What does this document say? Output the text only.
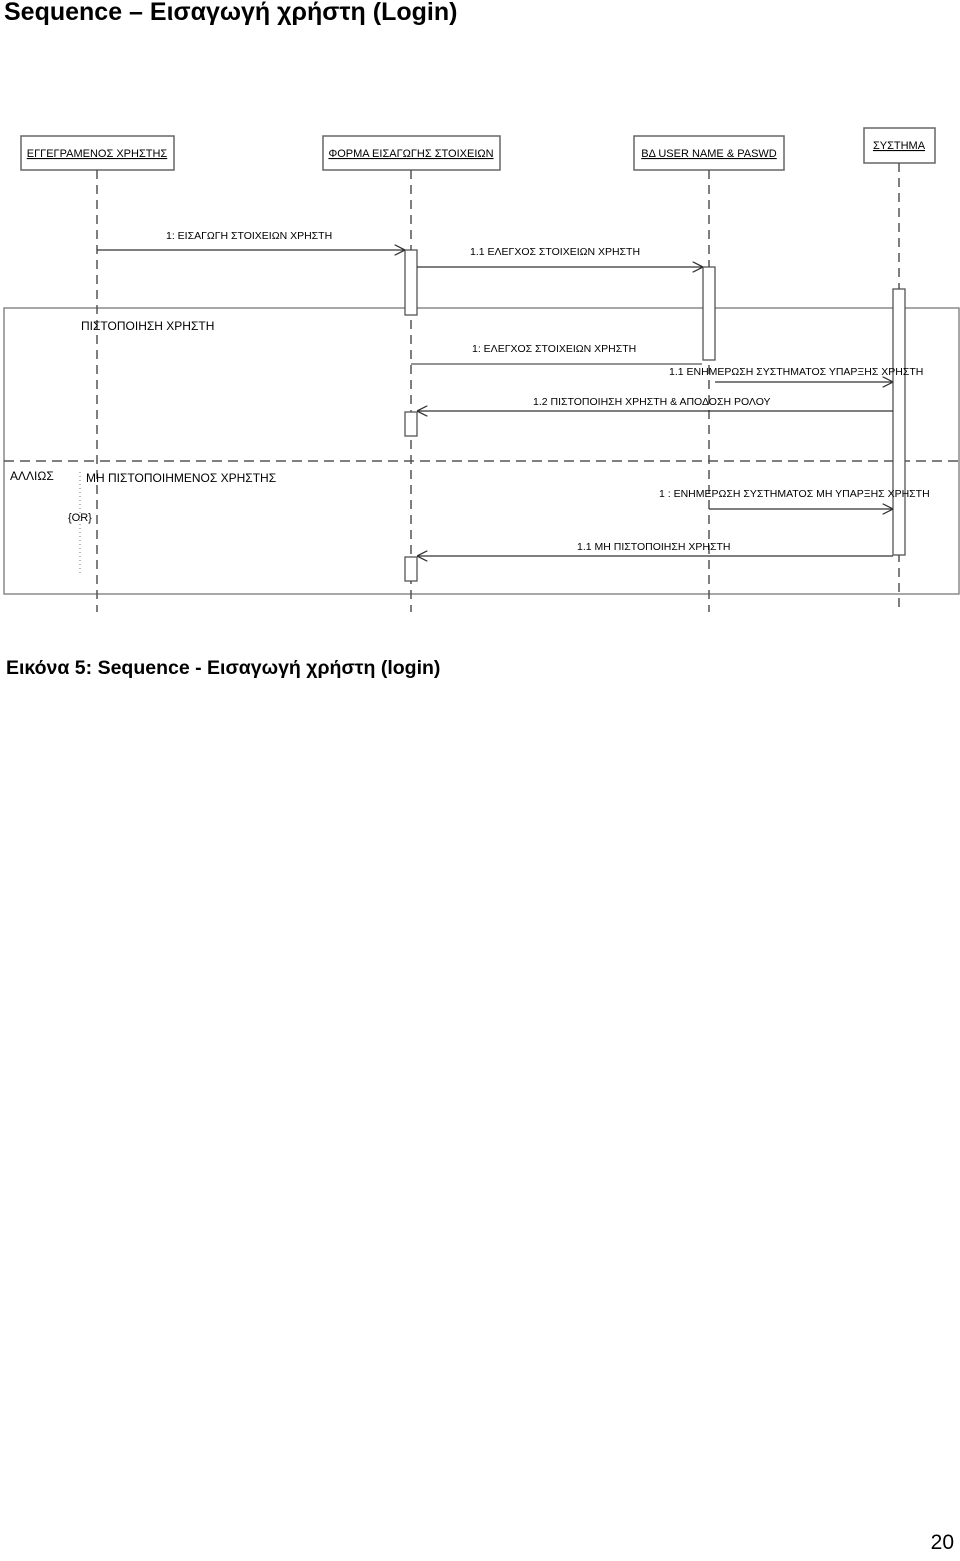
Sequence – Εισαγωγή χρήστη (Login)
ΕΓΓΕΓΡΑΜΕΝΟΣ ΧΡΗΣΤΗΣ	ΦΟΡΜΑ ΕΙΣΑΓΩΓΗΣ ΣΤΟΙΧΕΙΩΝ	ΒΔ USER NAME & PASWD
ΣΥΣΤΗΜΑ
ΠΙΣΤΟΠΟΙΗΣΗ ΧΡΗΣΤΗ
ΑΛΛΙΩΣ	ΜΗ ΠΙΣΤΟΠΟΙΗΜΕΝΟΣ ΧΡΗΣΤΗΣ
{OR}
1: ΕΙΣΑΓΩΓΗ ΣΤΟΙΧΕΙΩΝ ΧΡΗΣΤΗ
1.1 ΕΛΕΓΧΟΣ ΣΤΟΙΧΕΙΩΝ ΧΡΗΣΤΗ
1: ΕΛΕΓΧΟΣ ΣΤΟΙΧΕΙΩΝ ΧΡΗΣΤΗ
1.1 ΕΝΗΜΕΡΩΣΗ ΣΥΣΤΗΜΑΤΟΣ ΥΠΑΡΞΗΣ ΧΡΗΣΤΗ
1.2 ΠΙΣΤΟΠΟΙΗΣΗ ΧΡΗΣΤΗ & ΑΠΟΔΟΣΗ ΡΟΛΟΥ
1 : ΕΝΗΜΕΡΩΣΗ ΣΥΣΤΗΜΑΤΟΣ ΜΗ ΥΠΑΡΞΗΣ ΧΡΗΣΤΗ
1.1 ΜΗ ΠΙΣΤΟΠΟΙΗΣΗ ΧΡΗΣΤΗ
Εικόνα 5: Sequence - Εισαγωγή χρήστη (login)
20
